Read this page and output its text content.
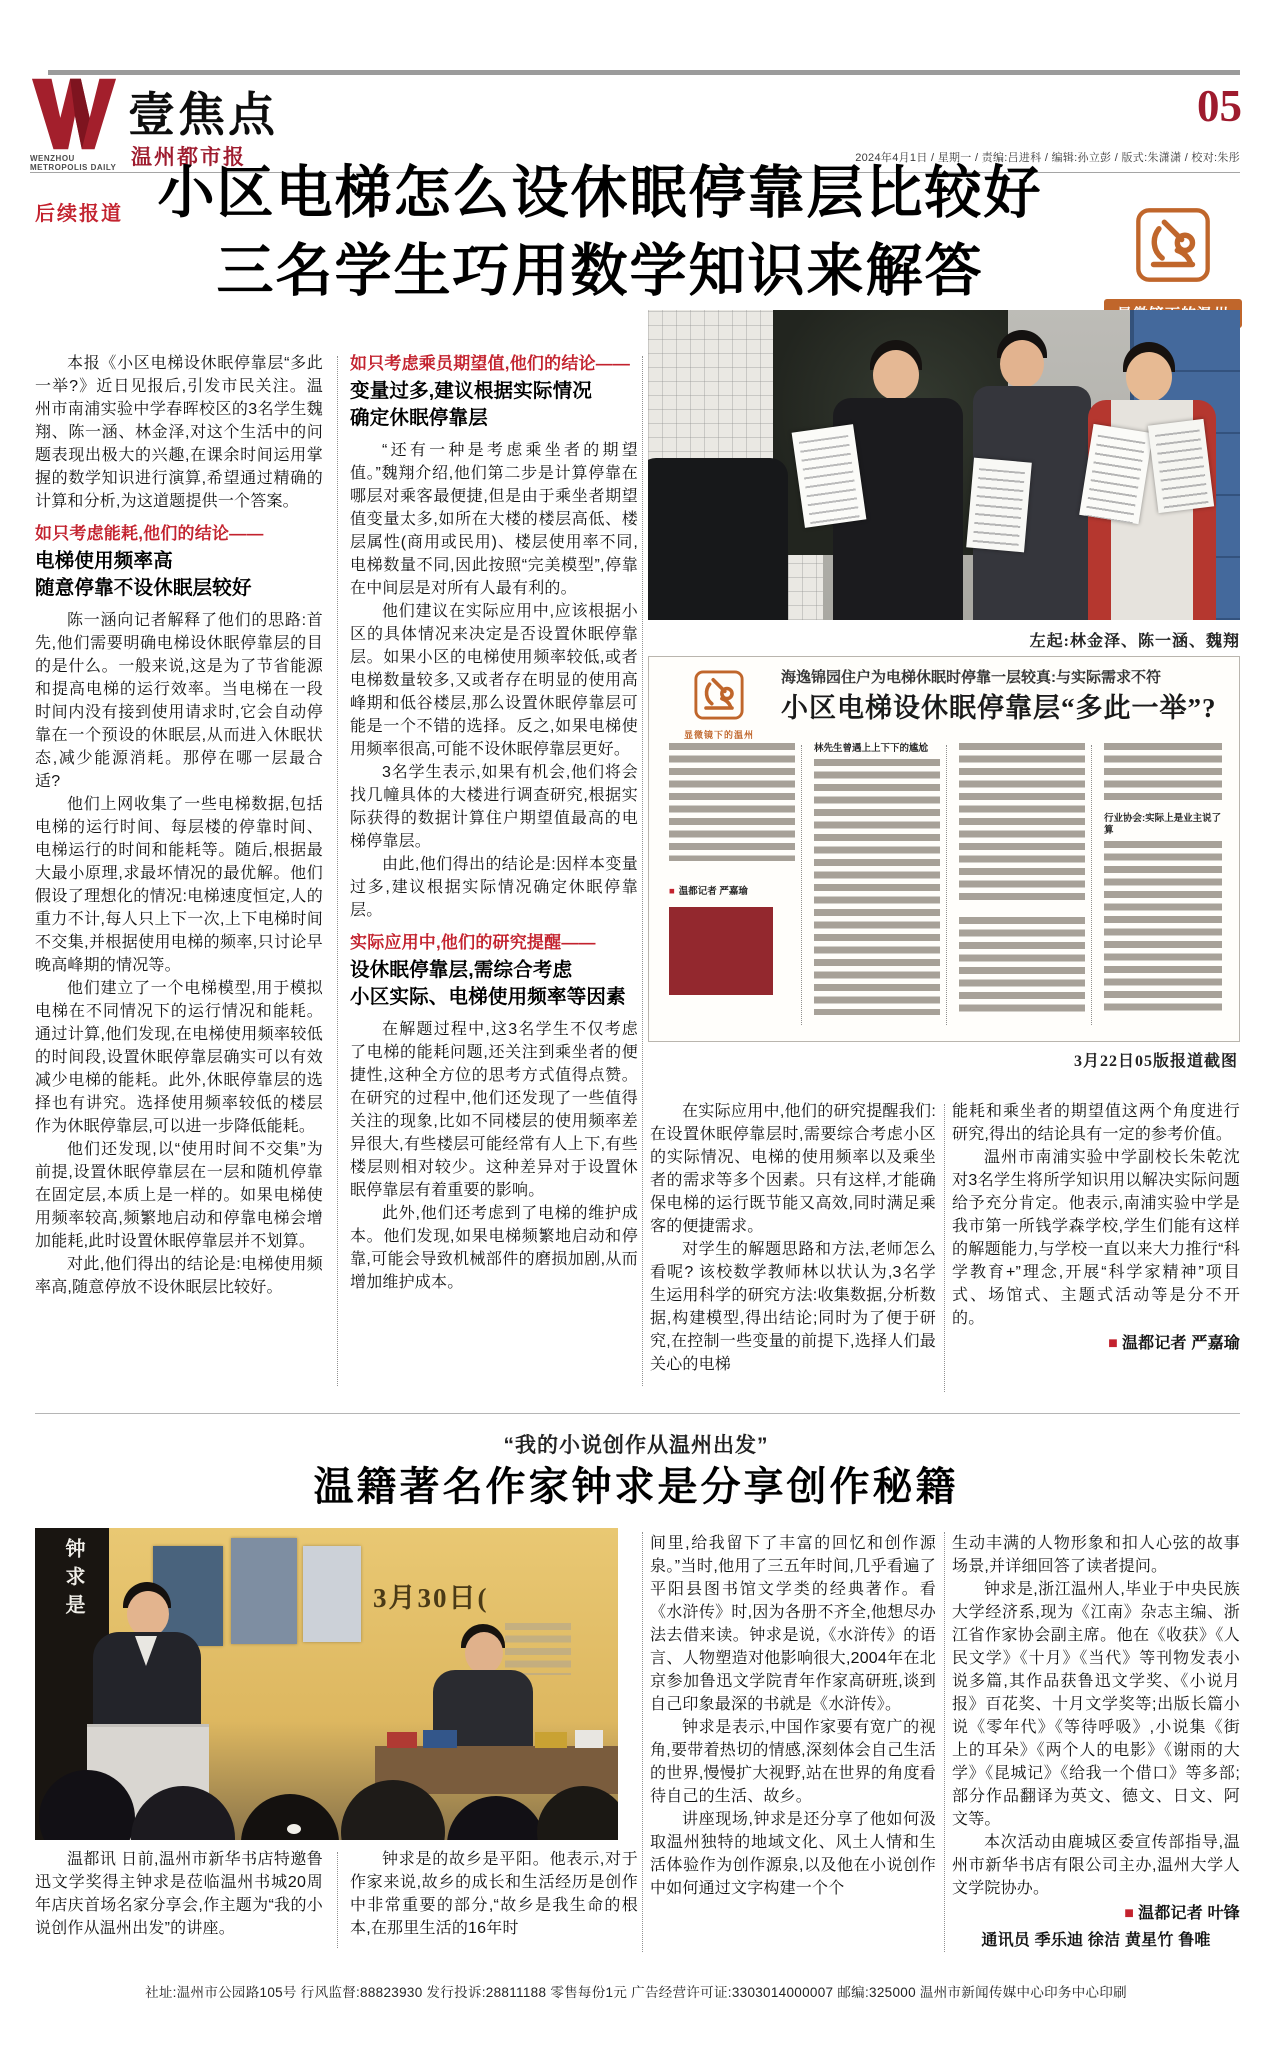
WENZHOU METROPOLIS DAILY
壹焦点
温州都市报
05
2024年4月1日 / 星期一 / 责编:吕进科 / 编辑:孙立彭 / 版式:朱潇潇 / 校对:朱彤
后续报道 小区电梯怎么设休眠停靠层比较好
三名学生巧用数学知识来解答
本报《小区电梯设休眠停靠层“多此一举?》近日见报后,引发市民关注。温州市南浦实验中学春晖校区的3名学生魏翔、陈一涵、林金泽,对这个生活中的问题表现出极大的兴趣,在课余时间运用掌握的数学知识进行演算,希望通过精确的计算和分析,为这道题提供一个答案。
如只考虑能耗,他们的结论——
电梯使用频率高
随意停靠不设休眠层较好
陈一涵向记者解释了他们的思路:首先,他们需要明确电梯设休眠停靠层的目的是什么。一般来说,这是为了节省能源和提高电梯的运行效率。当电梯在一段时间内没有接到使用请求时,它会自动停靠在一个预设的休眠层,从而进入休眠状态,减少能源消耗。那停在哪一层最合适?
他们上网收集了一些电梯数据,包括电梯的运行时间、每层楼的停靠时间、电梯运行的时间和能耗等。随后,根据最大最小原理,求最坏情况的最优解。他们假设了理想化的情况:电梯速度恒定,人的重力不计,每人只上下一次,上下电梯时间不交集,并根据使用电梯的频率,只讨论早晚高峰期的情况等。
他们建立了一个电梯模型,用于模拟电梯在不同情况下的运行情况和能耗。通过计算,他们发现,在电梯使用频率较低的时间段,设置休眠停靠层确实可以有效减少电梯的能耗。此外,休眠停靠层的选择也有讲究。选择使用频率较低的楼层作为休眠停靠层,可以进一步降低能耗。
他们还发现,以“使用时间不交集”为前提,设置休眠停靠层在一层和随机停靠在固定层,本质上是一样的。如果电梯使用频率较高,频繁地启动和停靠电梯会增加能耗,此时设置休眠停靠层并不划算。
对此,他们得出的结论是:电梯使用频率高,随意停放不设休眠层比较好。
如只考虑乘员期望值,他们的结论——
变量过多,建议根据实际情况
确定休眠停靠层
“还有一种是考虑乘坐者的期望值。”魏翔介绍,他们第二步是计算停靠在哪层对乘客最便捷,但是由于乘坐者期望值变量太多,如所在大楼的楼层高低、楼层属性(商用或民用)、楼层使用率不同,电梯数量不同,因此按照“完美模型”,停靠在中间层是对所有人最有利的。
他们建议在实际应用中,应该根据小区的具体情况来决定是否设置休眠停靠层。如果小区的电梯使用频率较低,或者电梯数量较多,又或者存在明显的使用高峰期和低谷楼层,那么设置休眠停靠层可能是一个不错的选择。反之,如果电梯使用频率很高,可能不设休眠停靠层更好。
3名学生表示,如果有机会,他们将会找几幢具体的大楼进行调查研究,根据实际获得的数据计算住户期望值最高的电梯停靠层。
由此,他们得出的结论是:因样本变量过多,建议根据实际情况确定休眠停靠层。
实际应用中,他们的研究提醒——
设休眠停靠层,需综合考虑
小区实际、电梯使用频率等因素
在解题过程中,这3名学生不仅考虑了电梯的能耗问题,还关注到乘坐者的便捷性,这种全方位的思考方式值得点赞。在研究的过程中,他们还发现了一些值得关注的现象,比如不同楼层的使用频率差异很大,有些楼层可能经常有人上下,有些楼层则相对较少。这种差异对于设置休眠停靠层有着重要的影响。
此外,他们还考虑到了电梯的维护成本。他们发现,如果电梯频繁地启动和停靠,可能会导致机械部件的磨损加剧,从而增加维护成本。
左起:林金泽、陈一涵、魏翔
显微镜下的温州
海逸锦园住户为电梯休眠时停靠一层较真:与实际需求不符
小区电梯设休眠停靠层“多此一举”?
■ 温都记者 严嘉瑜
林先生曾遇上上下下的尴尬
行业协会:实际上是业主说了算
3月22日05版报道截图
在实际应用中,他们的研究提醒我们:在设置休眠停靠层时,需要综合考虑小区的实际情况、电梯的使用频率以及乘坐者的需求等多个因素。只有这样,才能确保电梯的运行既节能又高效,同时满足乘客的便捷需求。
对学生的解题思路和方法,老师怎么看呢? 该校数学教师林以状认为,3名学生运用科学的研究方法:收集数据,分析数据,构建模型,得出结论;同时为了便于研究,在控制一些变量的前提下,选择人们最关心的电梯
能耗和乘坐者的期望值这两个角度进行研究,得出的结论具有一定的参考价值。
温州市南浦实验中学副校长朱乾沈对3名学生将所学知识用以解决实际问题给予充分肯定。他表示,南浦实验中学是我市第一所钱学森学校,学生们能有这样的解题能力,与学校一直以来大力推行“科学教育+”理念,开展“科学家精神”项目式、场馆式、主题式活动等是分不开的。
■ 温都记者 严嘉瑜
“我的小说创作从温州出发”
温籍著名作家钟求是分享创作秘籍
钟求是	3月30日(
温都讯 日前,温州市新华书店特邀鲁迅文学奖得主钟求是莅临温州书城20周年店庆首场名家分享会,作主题为“我的小说创作从温州出发”的讲座。
钟求是的故乡是平阳。他表示,对于作家来说,故乡的成长和生活经历是创作中非常重要的部分,“故乡是我生命的根本,在那里生活的16年时
间里,给我留下了丰富的回忆和创作源泉。”当时,他用了三五年时间,几乎看遍了平阳县图书馆文学类的经典著作。看《水浒传》时,因为各册不齐全,他想尽办法去借来读。钟求是说,《水浒传》的语言、人物塑造对他影响很大,2004年在北京参加鲁迅文学院青年作家高研班,谈到自己印象最深的书就是《水浒传》。
钟求是表示,中国作家要有宽广的视角,要带着热切的情感,深刻体会自己生活的世界,慢慢扩大视野,站在世界的角度看待自己的生活、故乡。
讲座现场,钟求是还分享了他如何汲取温州独特的地域文化、风土人情和生活体验作为创作源泉,以及他在小说创作中如何通过文字构建一个个
生动丰满的人物形象和扣人心弦的故事场景,并详细回答了读者提问。
钟求是,浙江温州人,毕业于中央民族大学经济系,现为《江南》杂志主编、浙江省作家协会副主席。他在《收获》《人民文学》《十月》《当代》等刊物发表小说多篇,其作品获鲁迅文学奖、《小说月报》百花奖、十月文学奖等;出版长篇小说《零年代》《等待呼吸》,小说集《街上的耳朵》《两个人的电影》《谢雨的大学》《昆城记》《给我一个借口》等多部;部分作品翻译为英文、德文、日文、阿文等。
本次活动由鹿城区委宣传部指导,温州市新华书店有限公司主办,温州大学人文学院协办。
■ 温都记者 叶锋
通讯员 季乐迪 徐洁 黄星竹 鲁唯
社址:温州市公园路105号 行风监督:88823930 发行投诉:28811188 零售每份1元 广告经营许可证:3303014000007 邮编:325000 温州市新闻传媒中心印务中心印刷
